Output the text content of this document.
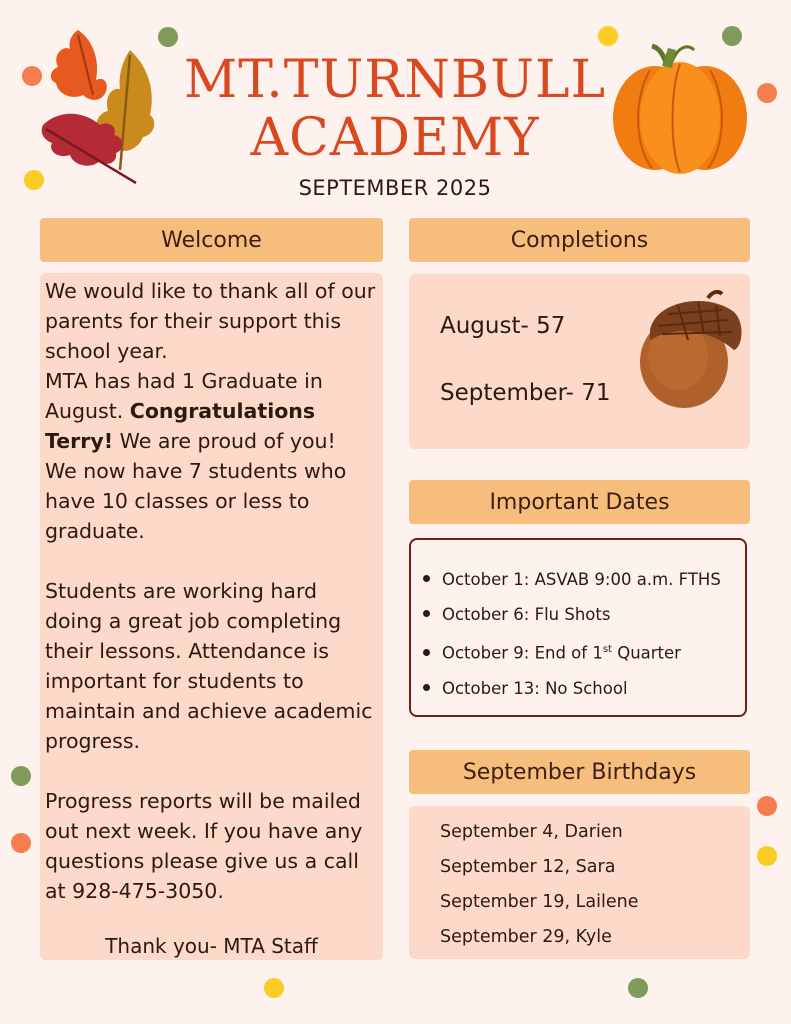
MT.TURNBULL
ACADEMY
SEPTEMBER 2025
Welcome

We would like to thank all of our parents for their support this school year.

MTA has had 1 Graduate in August. Congratulations Terry! We are proud of you!

We now have 7 students who have 10 classes or less to graduate.

Students are working hard doing a great job completing their lessons. Attendance is important for students to maintain and achieve academic progress.

Progress reports will be mailed out next week. If you have any questions please give us a call at 928-475-3050.

Thank you- MTA Staff
Completions
August- 57
September- 71
Important Dates
October 1: ASVAB 9:00 a.m. FTHS
October 6: Flu Shots
October 9: End of 1st Quarter
October 13: No School
September Birthdays
September 4, Darien
September 12, Sara
September 19, Lailene
September 29, Kyle
